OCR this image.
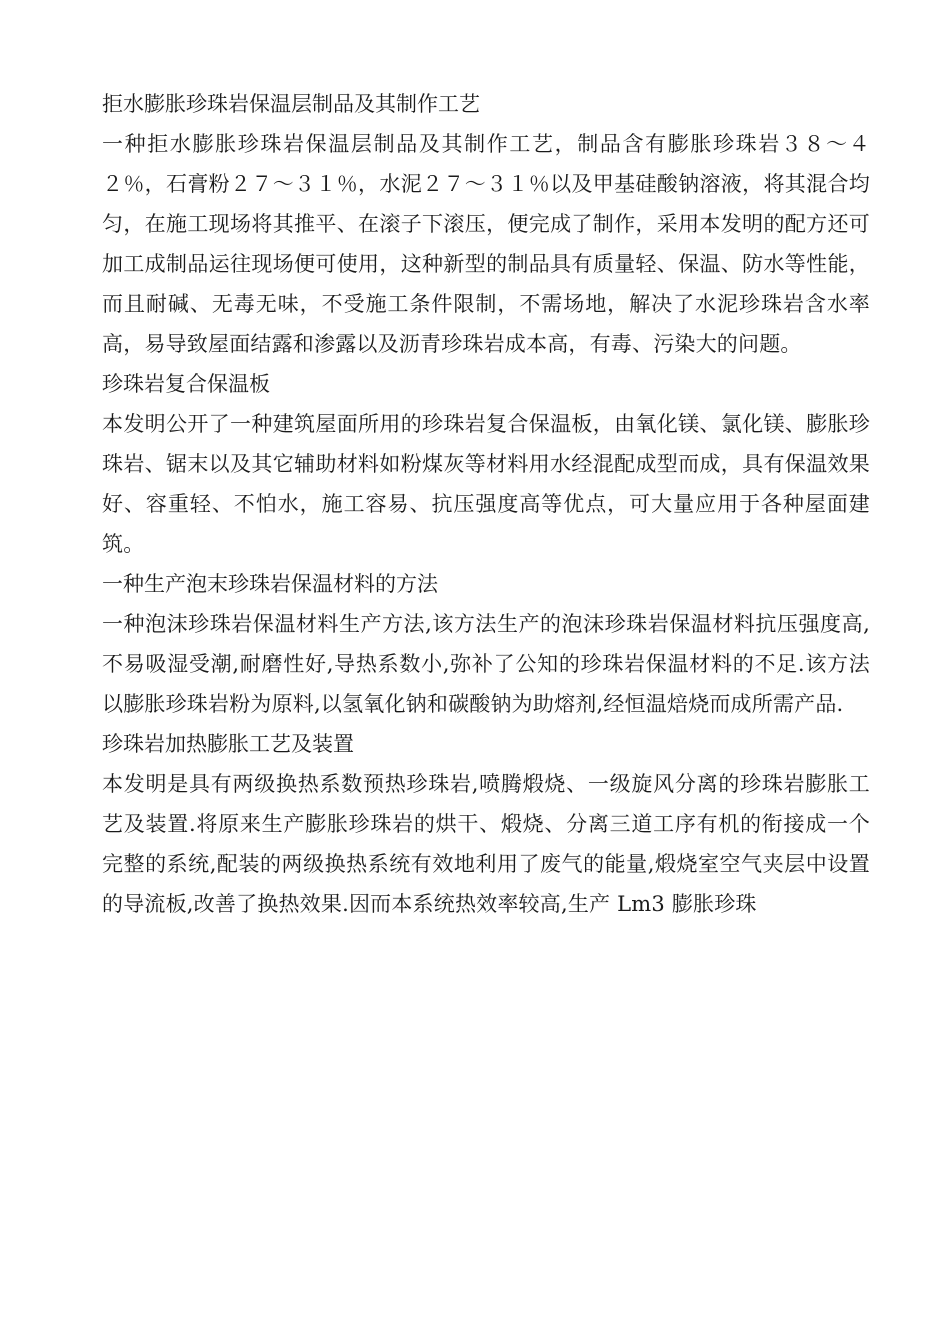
拒水膨胀珍珠岩保温层制品及其制作工艺

一种拒水膨胀珍珠岩保温层制品及其制作工艺，制品含有膨胀珍珠岩３８～４２％，石膏粉２７～３１％，水泥２７～３１％以及甲基硅酸钠溶液，将其混合均匀，在施工现场将其推平、在滚子下滚压，便完成了制作，采用本发明的配方还可加工成制品运往现场便可使用，这种新型的制品具有质量轻、保温、防水等性能，而且耐碱、无毒无味，不受施工条件限制，不需场地，解决了水泥珍珠岩含水率高，易导致屋面结露和渗露以及沥青珍珠岩成本高，有毒、污染大的问题。

珍珠岩复合保温板

本发明公开了一种建筑屋面所用的珍珠岩复合保温板，由氧化镁、氯化镁、膨胀珍珠岩、锯末以及其它辅助材料如粉煤灰等材料用水经混配成型而成，具有保温效果好、容重轻、不怕水，施工容易、抗压强度高等优点，可大量应用于各种屋面建筑。

一种生产泡末珍珠岩保温材料的方法

一种泡沫珍珠岩保温材料生产方法,该方法生产的泡沫珍珠岩保温材料抗压强度高,不易吸湿受潮,耐磨性好,导热系数小,弥补了公知的珍珠岩保温材料的不足.该方法以膨胀珍珠岩粉为原料,以氢氧化钠和碳酸钠为助熔剂,经恒温焙烧而成所需产品.

珍珠岩加热膨胀工艺及装置

本发明是具有两级换热系数预热珍珠岩,喷腾煅烧、一级旋风分离的珍珠岩膨胀工艺及装置.将原来生产膨胀珍珠岩的烘干、煅烧、分离三道工序有机的衔接成一个完整的系统,配装的两级换热系统有效地利用了废气的能量,煅烧室空气夹层中设置的导流板,改善了换热效果.因而本系统热效率较高,生产 Lm3 膨胀珍珠
